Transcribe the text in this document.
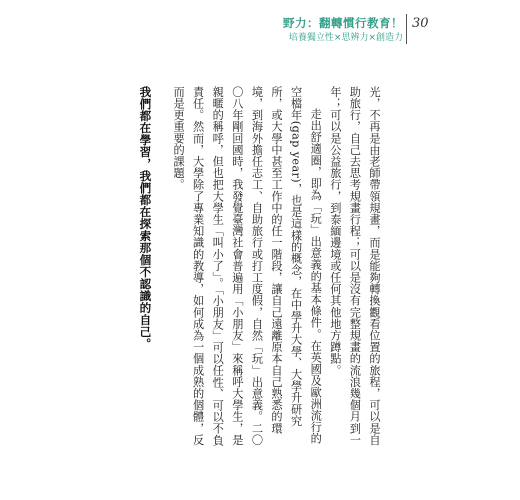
野力：翻轉慣行教育！
培養獨立性×思辨力×創造力
30

光，不再是由老師帶領規畫，而是能夠轉換觀看位置的旅程，可以是自助旅行，自己去思考規畫行程；可以是沒有完整規畫的流浪幾個月到一年；可以是公益旅行，到泰緬邊境或任何其他地方蹲點。

走出舒適圈，即為「玩」出意義的基本條件。在英國及歐洲流行的空檔年(gap year)，也是這樣的概念，在中學升大學、大學升研究所，或大學中甚至工作中的任一階段，讓自己遠離原本自己熟悉的環境，到海外擔任志工、自助旅行或打工度假，自然「玩」出意義。二〇〇八年剛回國時，我發覺臺灣社會普遍用「小朋友」來稱呼大學生，是親暱的稱呼，但也把大學生「叫小了」。「小朋友」可以任性、可以不負責任。然而，大學除了專業知識的教導，如何成為一個成熟的個體，反而是更重要的課題。

我們都在學習，我們都在探索那個不認識的自己。
